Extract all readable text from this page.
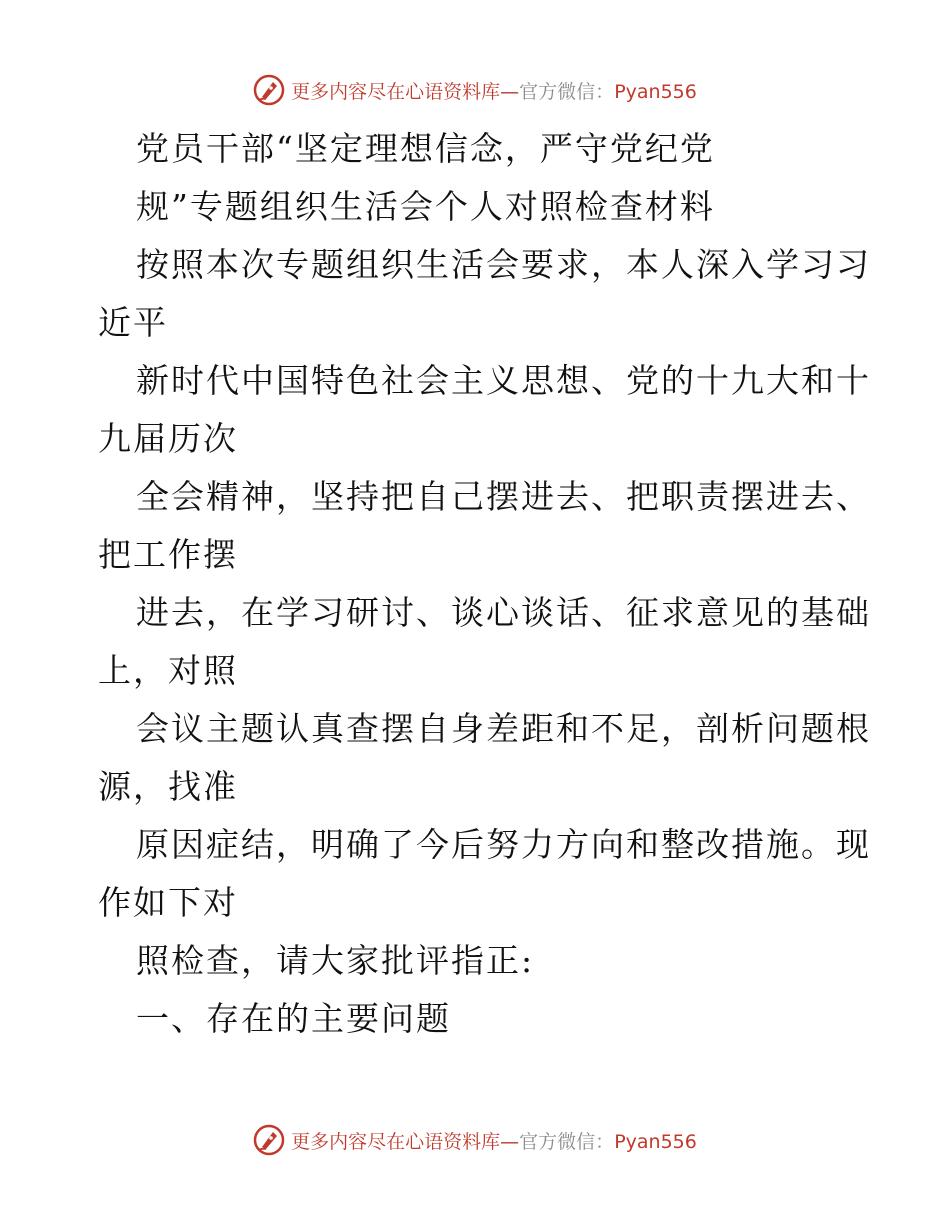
更多内容尽在心语资料库—官方微信：Pyan556
党员干部“坚定理想信念，严守党纪党
规”专题组织生活会个人对照检查材料
按照本次专题组织生活会要求，本人深入学习习
近平
新时代中国特色社会主义思想、党的十九大和十
九届历次
全会精神，坚持把自己摆进去、把职责摆进去、
把工作摆
进去，在学习研讨、谈心谈话、征求意见的基础
上，对照
会议主题认真查摆自身差距和不足，剖析问题根
源，找准
原因症结，明确了今后努力方向和整改措施。现
作如下对
照检查，请大家批评指正:
一、存在的主要问题
更多内容尽在心语资料库—官方微信：Pyan556
